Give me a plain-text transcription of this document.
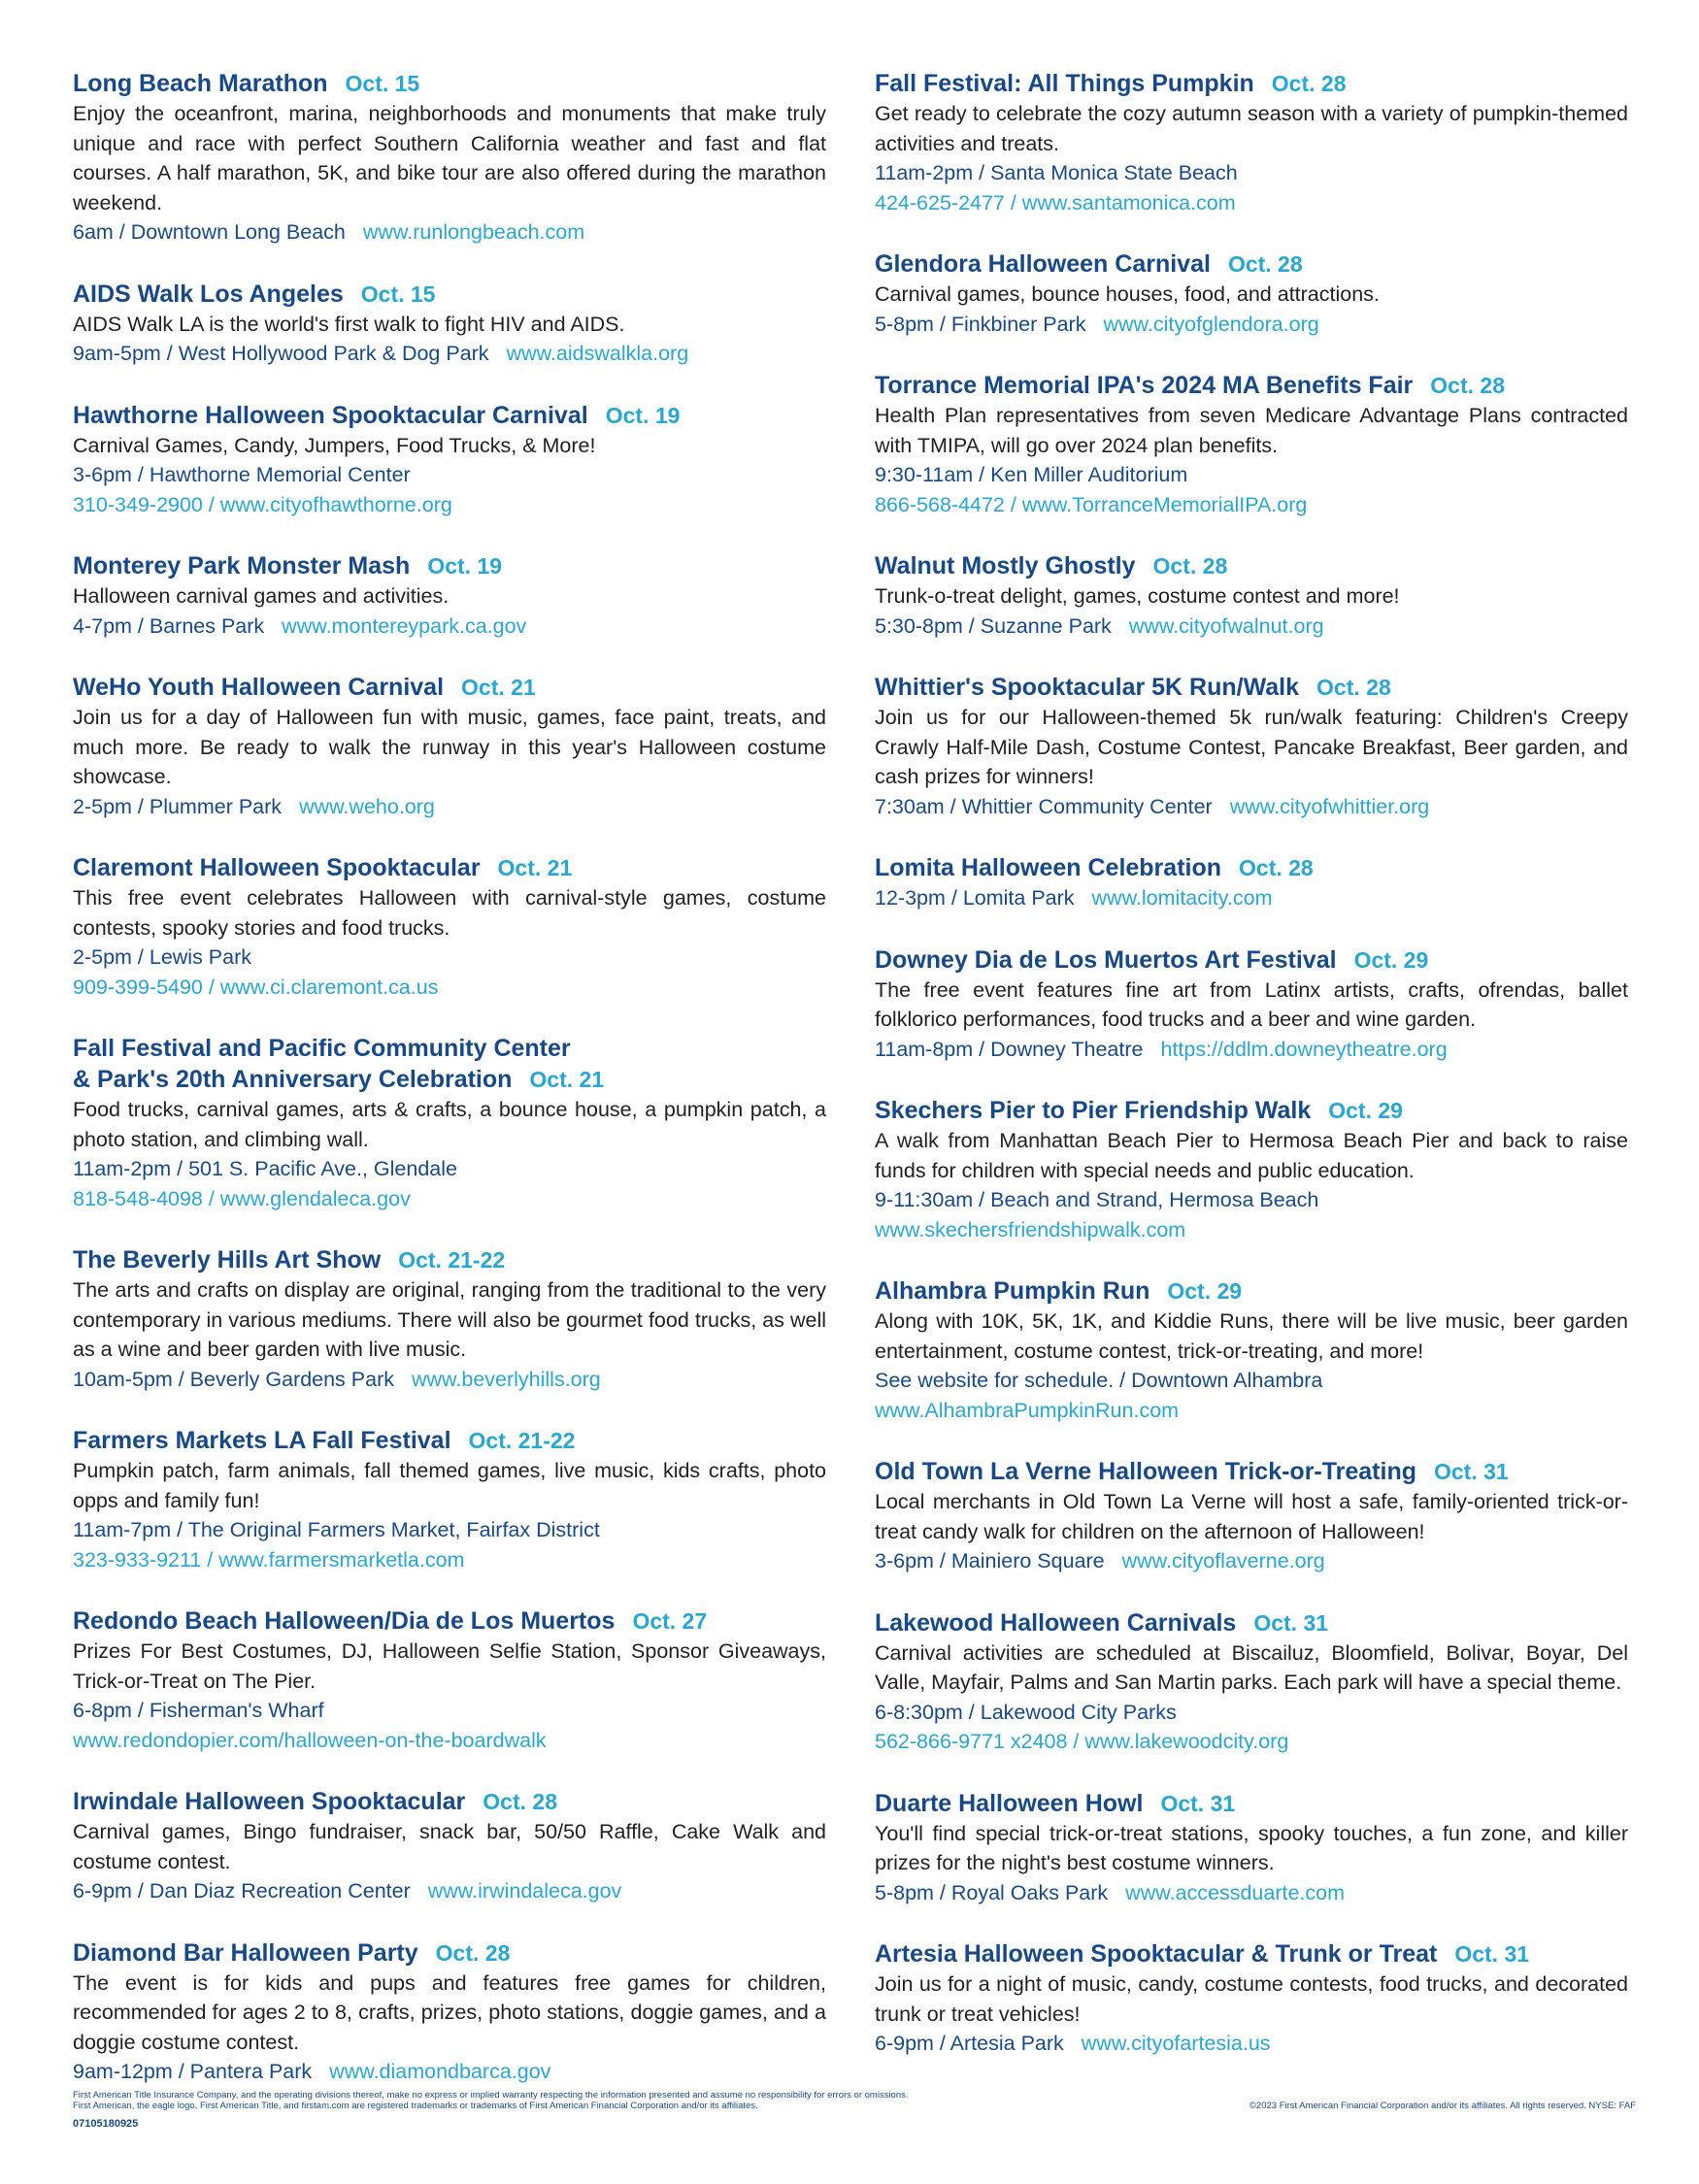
Long Beach Marathon Oct. 15

Enjoy the oceanfront, marina, neighborhoods and monuments that make truly unique and race with perfect Southern California weather and fast and flat courses. A half marathon, 5K, and bike tour are also offered during the marathon weekend.

6am / Downtown Long Beach www.runlongbeach.com

AIDS Walk Los Angeles Oct. 15

AIDS Walk LA is the world's first walk to fight HIV and AIDS.

9am-5pm / West Hollywood Park & Dog Park www.aidswalkla.org

Hawthorne Halloween Spooktacular Carnival Oct. 19

Carnival Games, Candy, Jumpers, Food Trucks, & More!

3-6pm / Hawthorne Memorial Center

310-349-2900 / www.cityofhawthorne.org

Monterey Park Monster Mash Oct. 19

Halloween carnival games and activities.

4-7pm / Barnes Park www.montereypark.ca.gov

WeHo Youth Halloween Carnival Oct. 21

Join us for a day of Halloween fun with music, games, face paint, treats, and much more. Be ready to walk the runway in this year's Halloween costume showcase.

2-5pm / Plummer Park www.weho.org

Claremont Halloween Spooktacular Oct. 21

This free event celebrates Halloween with carnival-style games, costume contests, spooky stories and food trucks.

2-5pm / Lewis Park

909-399-5490 / www.ci.claremont.ca.us

Fall Festival and Pacific Community Center

& Park's 20th Anniversary Celebration Oct. 21

Food trucks, carnival games, arts & crafts, a bounce house, a pumpkin patch, a photo station, and climbing wall.

11am-2pm / 501 S. Pacific Ave., Glendale

818-548-4098 / www.glendaleca.gov

The Beverly Hills Art Show Oct. 21-22

The arts and crafts on display are original, ranging from the traditional to the very contemporary in various mediums. There will also be gourmet food trucks, as well as a wine and beer garden with live music.

10am-5pm / Beverly Gardens Park www.beverlyhills.org

Farmers Markets LA Fall Festival Oct. 21-22

Pumpkin patch, farm animals, fall themed games, live music, kids crafts, photo opps and family fun!

11am-7pm / The Original Farmers Market, Fairfax District

323-933-9211 / www.farmersmarketla.com

Redondo Beach Halloween/Dia de Los Muertos Oct. 27

Prizes For Best Costumes, DJ, Halloween Selfie Station, Sponsor Giveaways, Trick-or-Treat on The Pier.

6-8pm / Fisherman's Wharf

www.redondopier.com/halloween-on-the-boardwalk

Irwindale Halloween Spooktacular Oct. 28

Carnival games, Bingo fundraiser, snack bar, 50/50 Raffle, Cake Walk and costume contest.

6-9pm / Dan Diaz Recreation Center www.irwindaleca.gov

Diamond Bar Halloween Party Oct. 28

The event is for kids and pups and features free games for children, recommended for ages 2 to 8, crafts, prizes, photo stations, doggie games, and a doggie costume contest.

9am-12pm / Pantera Park www.diamondbarca.gov

Fall Festival: All Things Pumpkin Oct. 28

Get ready to celebrate the cozy autumn season with a variety of pumpkin-themed activities and treats.

11am-2pm / Santa Monica State Beach

424-625-2477 / www.santamonica.com

Glendora Halloween Carnival Oct. 28

Carnival games, bounce houses, food, and attractions.

5-8pm / Finkbiner Park www.cityofglendora.org

Torrance Memorial IPA's 2024 MA Benefits Fair Oct. 28

Health Plan representatives from seven Medicare Advantage Plans contracted with TMIPA, will go over 2024 plan benefits.

9:30-11am / Ken Miller Auditorium

866-568-4472 / www.TorranceMemorialIPA.org

Walnut Mostly Ghostly Oct. 28

Trunk-o-treat delight, games, costume contest and more!

5:30-8pm / Suzanne Park www.cityofwalnut.org

Whittier's Spooktacular 5K Run/Walk Oct. 28

Join us for our Halloween-themed 5k run/walk featuring: Children's Creepy Crawly Half-Mile Dash, Costume Contest, Pancake Breakfast, Beer garden, and cash prizes for winners!

7:30am / Whittier Community Center www.cityofwhittier.org

Lomita Halloween Celebration Oct. 28

12-3pm / Lomita Park www.lomitacity.com

Downey Dia de Los Muertos Art Festival Oct. 29

The free event features fine art from Latinx artists, crafts, ofrendas, ballet folklorico performances, food trucks and a beer and wine garden.

11am-8pm / Downey Theatre https://ddlm.downeytheatre.org

Skechers Pier to Pier Friendship Walk Oct. 29

A walk from Manhattan Beach Pier to Hermosa Beach Pier and back to raise funds for children with special needs and public education.

9-11:30am / Beach and Strand, Hermosa Beach

www.skechersfriendshipwalk.com

Alhambra Pumpkin Run Oct. 29

Along with 10K, 5K, 1K, and Kiddie Runs, there will be live music, beer garden entertainment, costume contest, trick-or-treating, and more!

See website for schedule. / Downtown Alhambra

www.AlhambraPumpkinRun.com

Old Town La Verne Halloween Trick-or-Treating Oct. 31

Local merchants in Old Town La Verne will host a safe, family-oriented trick-or-treat candy walk for children on the afternoon of Halloween!

3-6pm / Mainiero Square www.cityoflaverne.org

Lakewood Halloween Carnivals Oct. 31

Carnival activities are scheduled at Biscailuz, Bloomfield, Bolivar, Boyar, Del Valle, Mayfair, Palms and San Martin parks. Each park will have a special theme.

6-8:30pm / Lakewood City Parks

562-866-9771 x2408 / www.lakewoodcity.org

Duarte Halloween Howl Oct. 31

You'll find special trick-or-treat stations, spooky touches, a fun zone, and killer prizes for the night's best costume winners.

5-8pm / Royal Oaks Park www.accessduarte.com

Artesia Halloween Spooktacular & Trunk or Treat Oct. 31

Join us for a night of music, candy, costume contests, food trucks, and decorated trunk or treat vehicles!

6-9pm / Artesia Park www.cityofartesia.us

First American Title Insurance Company, and the operating divisions thereof, make no express or implied warranty respecting the information presented and assume no responsibility for errors or omissions.
First American, the eagle logo, First American Title, and firstam.com are registered trademarks or trademarks of First American Financial Corporation and/or its affiliates.	©2023 First American Financial Corporation and/or its affiliates. All rights reserved. NYSE: FAF
07105180925
